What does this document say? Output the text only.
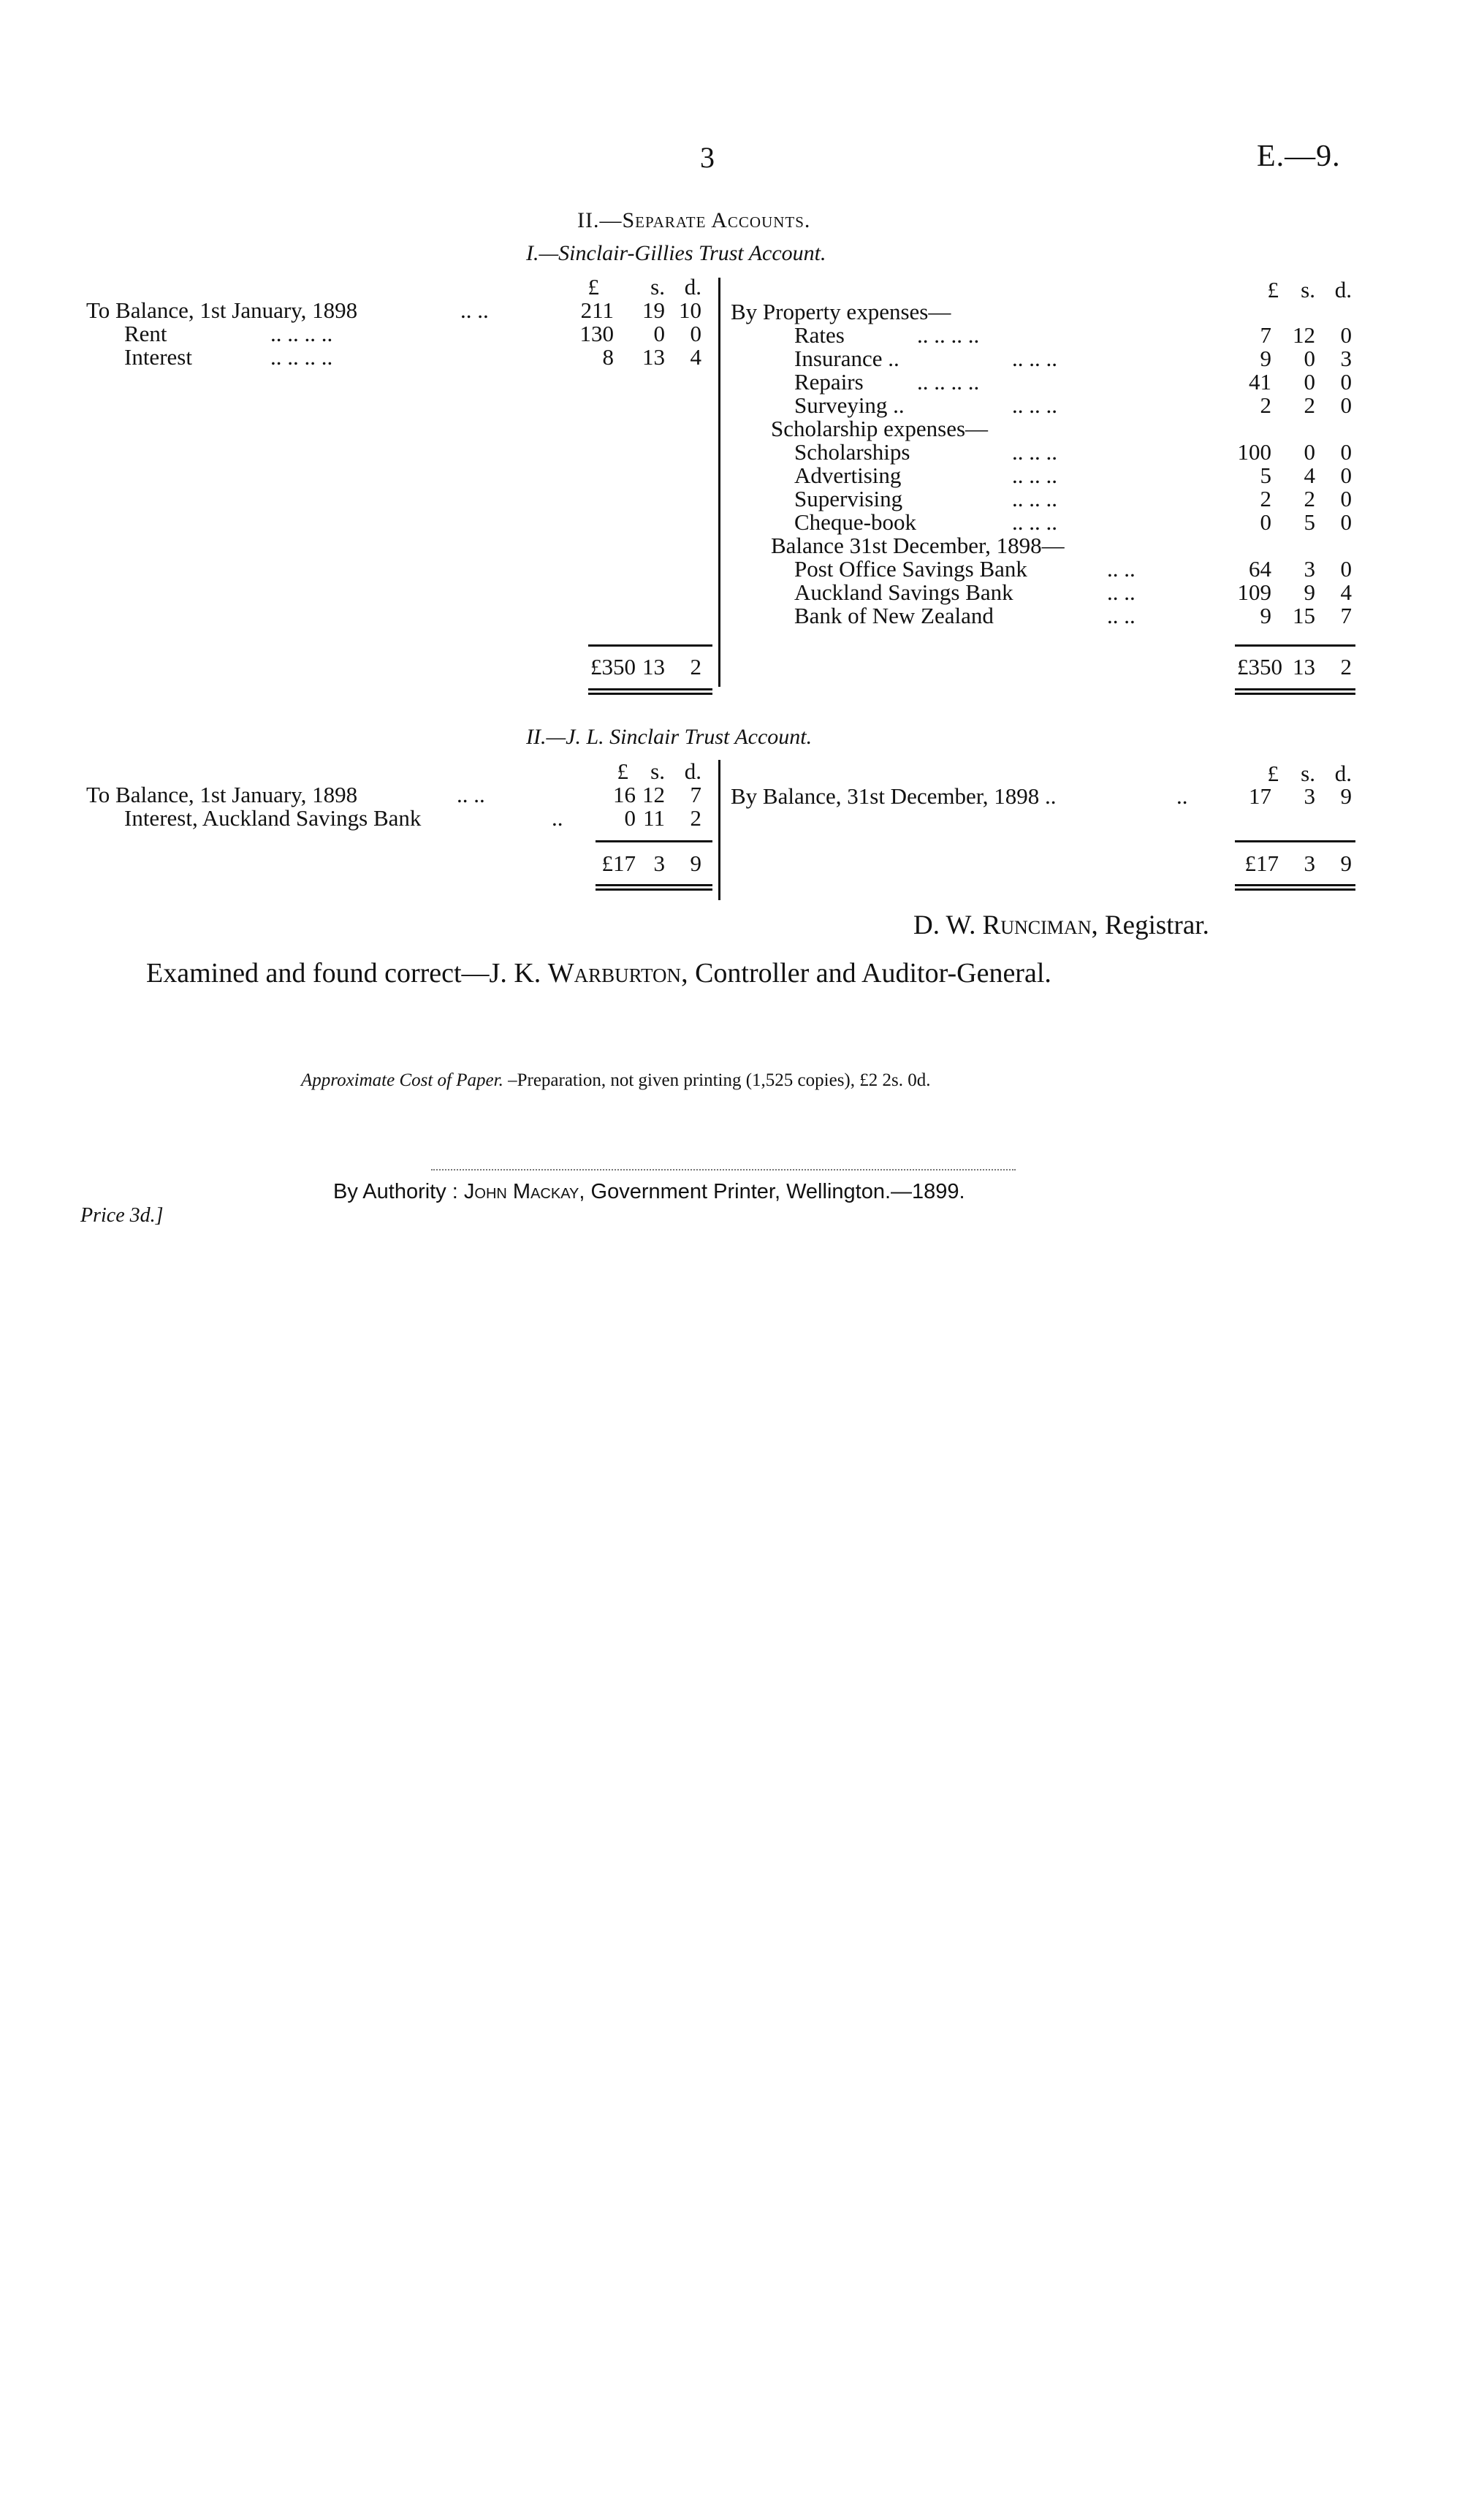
3	E.—9.
II.—Separate Accounts.
I.—Sinclair-Gillies Trust Account.
£	s. d.
To Balance, 1st January, 1898	.. ..	211 19 10
Rent	.. .. .. ..	130	0	0
Interest	.. .. .. ..	8 13	4
£350 13	2
£ s. d.
By Property expenses—
Rates	.. .. .. ..	7 12	0
Insurance ..	.. .. ..	9	0	3
Repairs .. .. .. ..	41	0	0
Surveying ..	.. .. ..	2	2	0
Scholarship expenses—
Scholarships	.. .. ..	100	0	0
Advertising	.. .. ..	5	4	0
Supervising	.. .. ..	2	2	0
Cheque-book	.. .. ..	0	5	0
Balance 31st December, 1898—
Post Office Savings Bank	.. ..	64	3	0
Auckland Savings Bank	.. ..	109	9	4
Bank of New Zealand	.. ..	9 15	7
£350 13	2
II.—J. L. Sinclair Trust Account.
£ s. d.
To Balance, 1st January, 1898	.. ..	16 12	7
Interest, Auckland Savings Bank	..	0 11	2
£17 3	9
£ s. d.
By Balance, 31st December, 1898 ..	..	17	3	9
£17	3	9
D. W. Runciman, Registrar.
Examined and found correct—J. K. Warburton, Controller and Auditor-General.
Approximate Cost of Paper. –Preparation, not given printing (1,525 copies), £2 2s. 0d.
By Authority : John Mackay, Government Printer, Wellington.—1899.
Price 3d.]
